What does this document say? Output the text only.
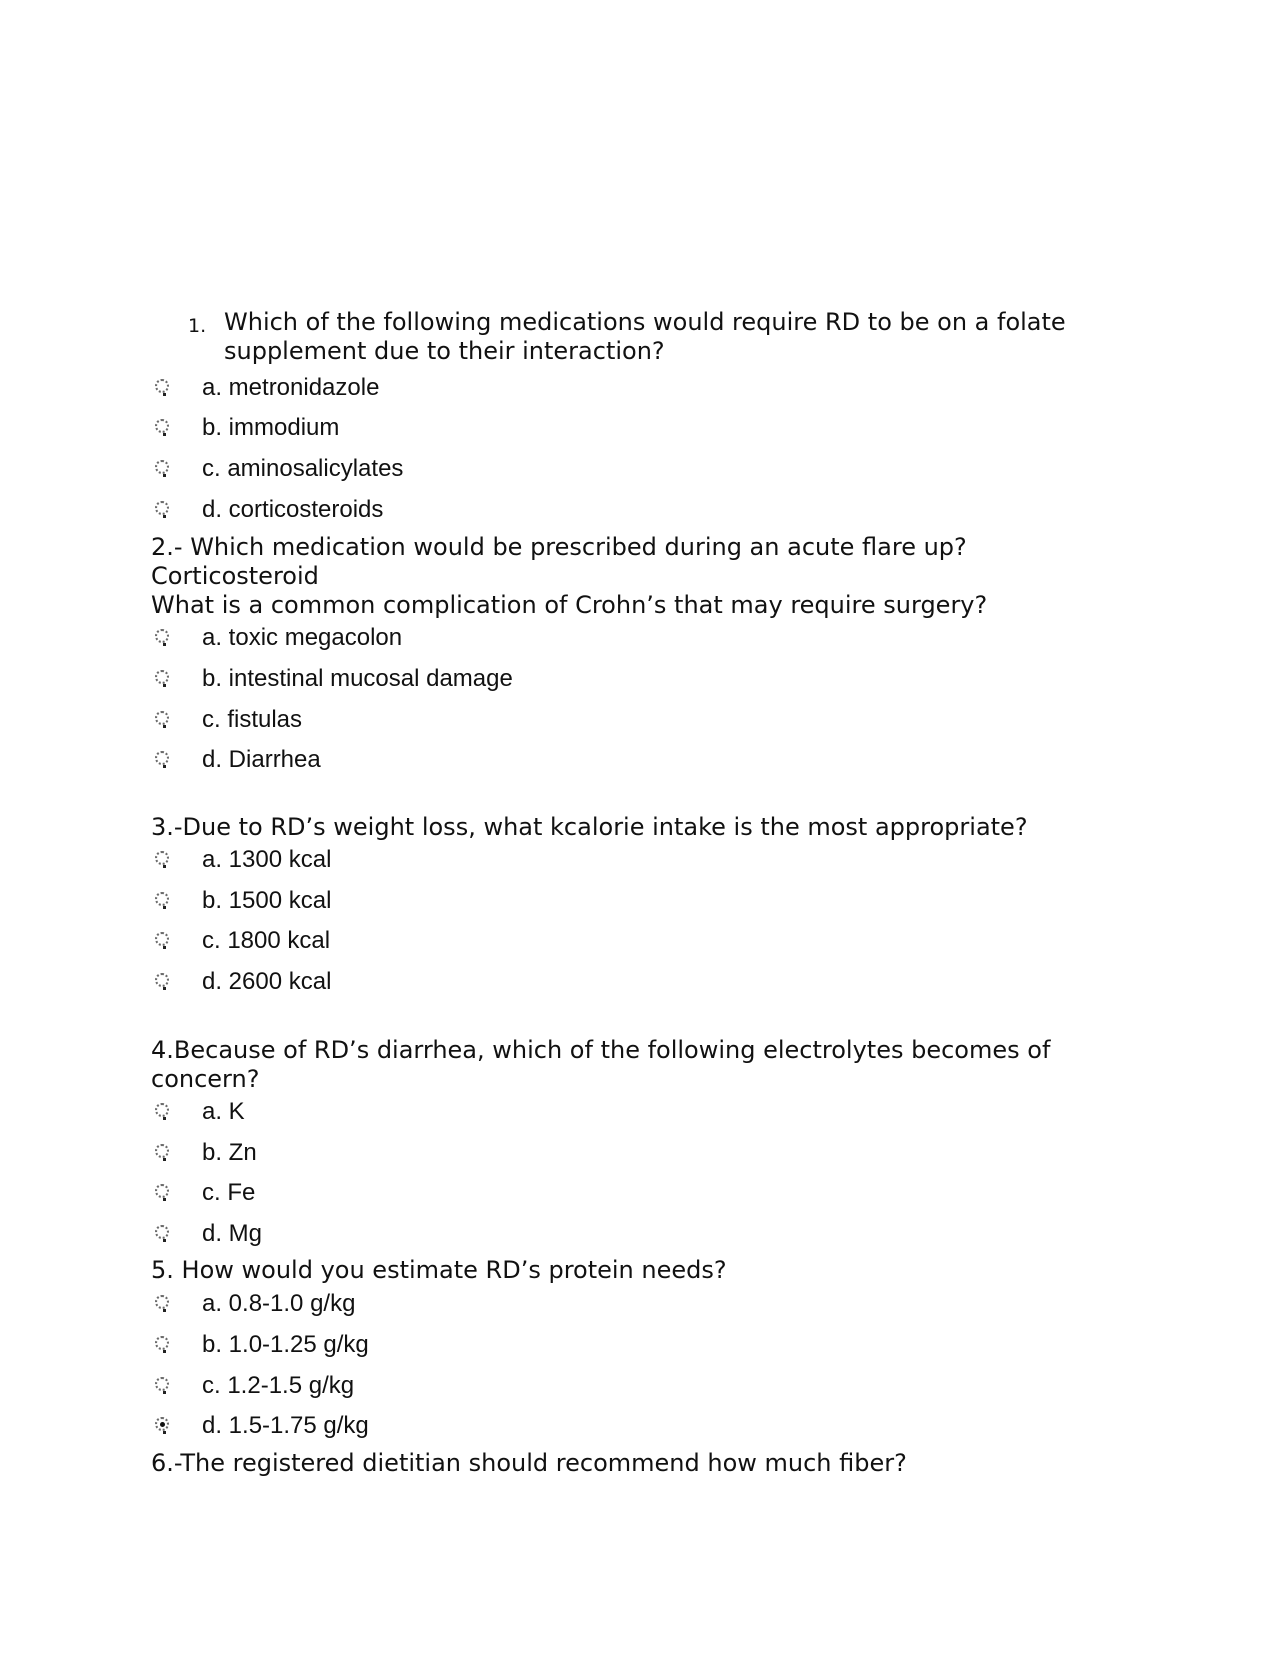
1. Which of the following medications would require RD to be on a folate supplement due to their interaction?

a. metronidazole
b. immodium
c. aminosalicylates
d. corticosteroids

2.- Which medication would be prescribed during an acute flare up?

Corticosteroid

What is a common complication of Crohn’s that may require surgery?

a. toxic megacolon
b. intestinal mucosal damage
c. fistulas
d. Diarrhea

3.-Due to RD’s weight loss, what kcalorie intake is the most appropriate?

a. 1300 kcal
b. 1500 kcal
c. 1800 kcal
d. 2600 kcal

4.Because of RD’s diarrhea, which of the following electrolytes becomes of

concern?

a. K
b. Zn
c. Fe
d. Mg

5. How would you estimate RD’s protein needs?

a. 0.8-1.0 g/kg
b. 1.0-1.25 g/kg
c. 1.2-1.5 g/kg
d. 1.5-1.75 g/kg

6.-The registered dietitian should recommend how much fiber?
